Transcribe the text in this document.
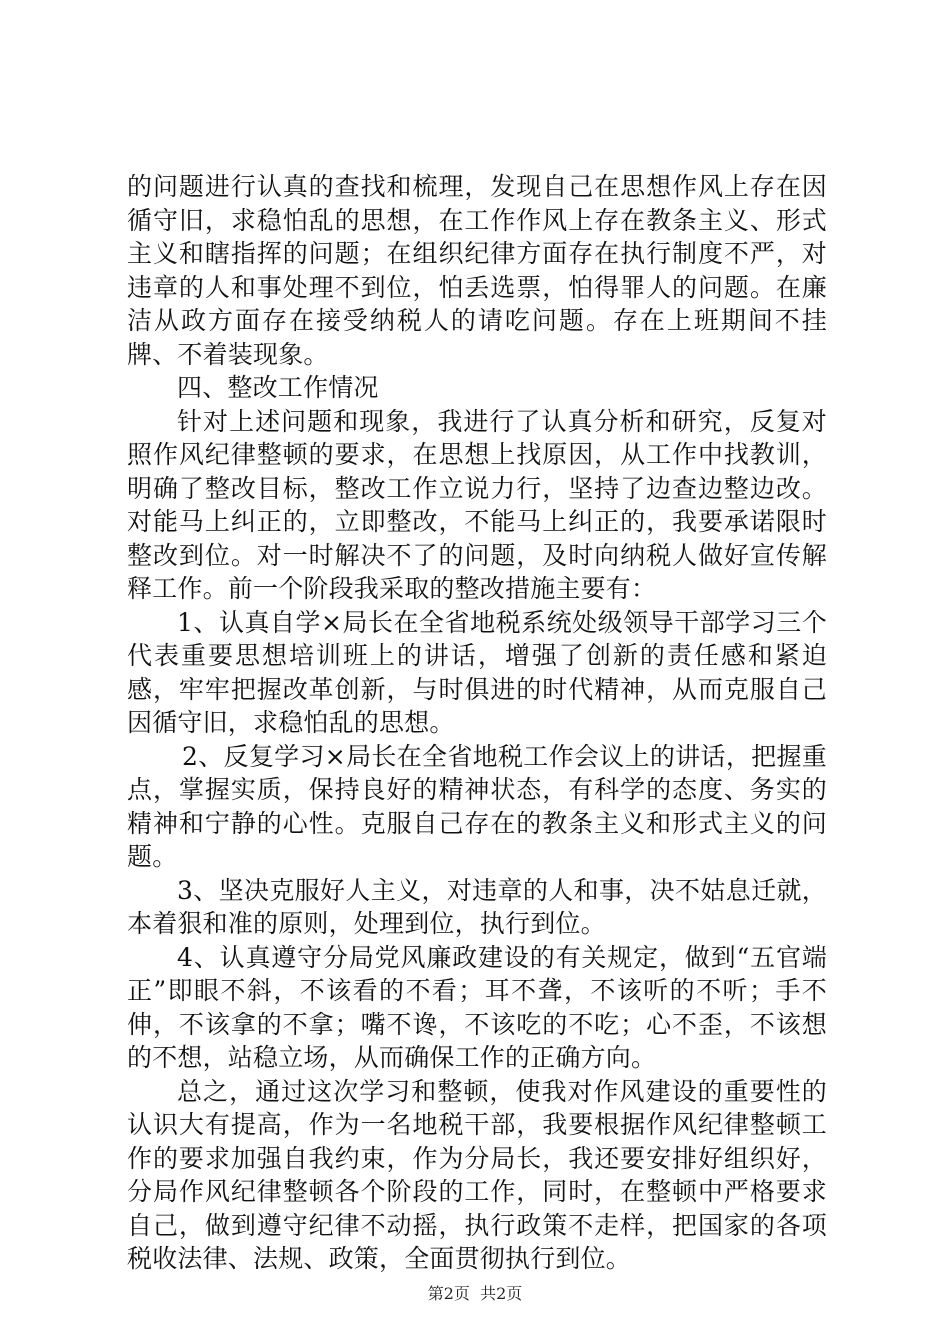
的问题进行认真的查找和梳理，发现自己在思想作风上存在因循守旧，求稳怕乱的思想，在工作作风上存在教条主义、形式主义和瞎指挥的问题；在组织纪律方面存在执行制度不严，对违章的人和事处理不到位，怕丢选票，怕得罪人的问题。在廉洁从政方面存在接受纳税人的请吃问题。存在上班期间不挂牌、不着装现象。

四、整改工作情况

针对上述问题和现象，我进行了认真分析和研究，反复对照作风纪律整顿的要求，在思想上找原因，从工作中找教训，明确了整改目标，整改工作立说力行，坚持了边查边整边改。对能马上纠正的，立即整改，不能马上纠正的，我要承诺限时整改到位。对一时解决不了的问题，及时向纳税人做好宣传解释工作。前一个阶段我采取的整改措施主要有：

1、认真自学×局长在全省地税系统处级领导干部学习三个代表重要思想培训班上的讲话，增强了创新的责任感和紧迫感，牢牢把握改革创新，与时俱进的时代精神，从而克服自己因循守旧，求稳怕乱的思想。

2、反复学习×局长在全省地税工作会议上的讲话，把握重点，掌握实质，保持良好的精神状态，有科学的态度、务实的精神和宁静的心性。克服自己存在的教条主义和形式主义的问题。

3、坚决克服好人主义，对违章的人和事，决不姑息迁就，本着狠和准的原则，处理到位，执行到位。

4、认真遵守分局党风廉政建设的有关规定，做到“五官端正”即眼不斜，不该看的不看；耳不聋，不该听的不听；手不伸，不该拿的不拿；嘴不谗，不该吃的不吃；心不歪，不该想的不想，站稳立场，从而确保工作的正确方向。

总之，通过这次学习和整顿，使我对作风建设的重要性的认识大有提高，作为一名地税干部，我要根据作风纪律整顿工作的要求加强自我约束，作为分局长，我还要安排好组织好，分局作风纪律整顿各个阶段的工作，同时，在整顿中严格要求自己，做到遵守纪律不动摇，执行政策不走样，把国家的各项税收法律、法规、政策，全面贯彻执行到位。

第2页  共2页
